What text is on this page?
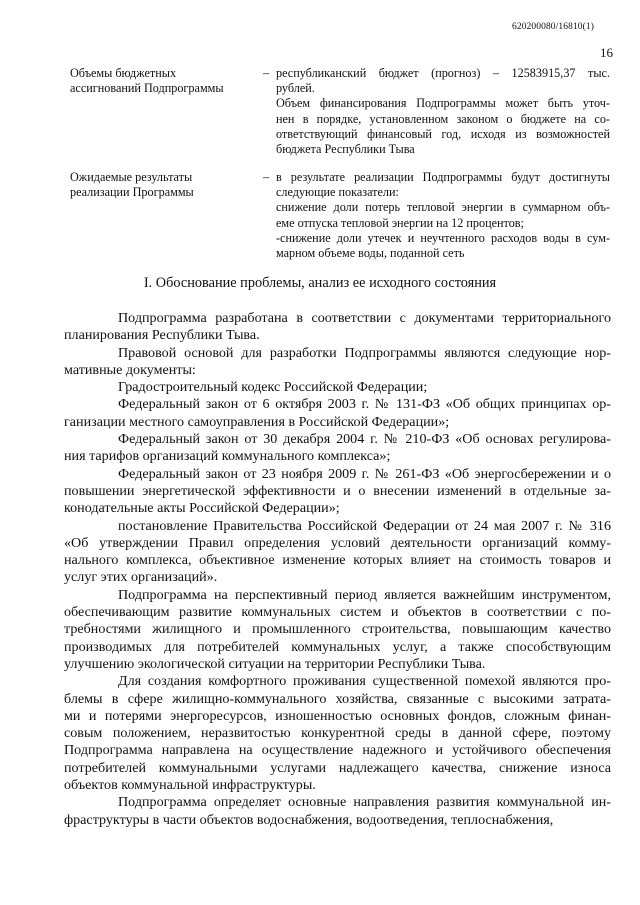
620200080/16810(1)
16
Объемы бюджетных
ассигнований Подпрограммы
– республиканский бюджет (прогноз) – 12583915,37 тыс.
рублей.
Объем финансирования Подпрограммы может быть уточ-
нен в порядке, установленном законом о бюджете на со-
ответствующий финансовый год, исходя из возможностей
бюджета Республики Тыва
Ожидаемые результаты
реализации Программы
– в результате реализации Подпрограммы будут достигнуты
следующие показатели:
снижение доли потерь тепловой энергии в суммарном объ-
еме отпуска тепловой энергии на 12 процентов;
-снижение доли утечек и неучтенного расходов воды в сум-
марном объеме воды, поданной сеть
I. Обоснование проблемы, анализ ее исходного состояния
Подпрограмма разработана в соответствии с документами территориального
планирования Республики Тыва.
Правовой основой для разработки Подпрограммы являются следующие нор-
мативные документы:
Градостроительный кодекс Российской Федерации;
Федеральный закон от 6 октября 2003 г. № 131-ФЗ «Об общих принципах ор-
ганизации местного самоуправления в Российской Федерации»;
Федеральный закон от 30 декабря 2004 г. № 210-ФЗ «Об основах регулирова-
ния тарифов организаций коммунального комплекса»;
Федеральный закон от 23 ноября 2009 г. № 261-ФЗ «Об энергосбережении и о
повышении энергетической эффективности и о внесении изменений в отдельные за-
конодательные акты Российской Федерации»;
постановление Правительства Российской Федерации от 24 мая 2007 г. № 316
«Об утверждении Правил определения условий деятельности организаций комму-
нального комплекса, объективное изменение которых влияет на стоимость товаров и
услуг этих организаций».
Подпрограмма на перспективный период является важнейшим инструментом,
обеспечивающим развитие коммунальных систем и объектов в соответствии с по-
требностями жилищного и промышленного строительства, повышающим качество
производимых для потребителей коммунальных услуг, а также способствующим
улучшению экологической ситуации на территории Республики Тыва.
Для создания комфортного проживания существенной помехой являются про-
блемы в сфере жилищно-коммунального хозяйства, связанные с высокими затрата-
ми и потерями энергоресурсов, изношенностью основных фондов, сложным финан-
совым положением, неразвитостью конкурентной среды в данной сфере, поэтому
Подпрограмма направлена на осуществление надежного и устойчивого обеспечения
потребителей коммунальными услугами надлежащего качества, снижение износа
объектов коммунальной инфраструктуры.
Подпрограмма определяет основные направления развития коммунальной ин-
фраструктуры в части объектов водоснабжения, водоотведения, теплоснабжения,
